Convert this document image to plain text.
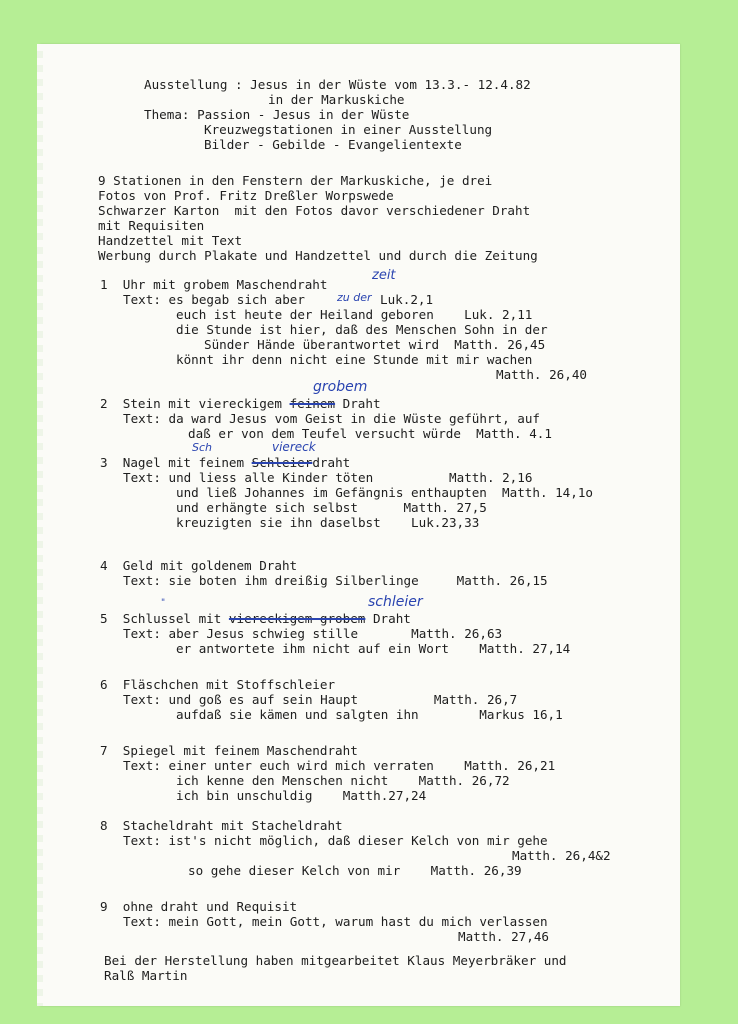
Ausstellung : Jesus in der Wüste vom 13.3.- 12.4.82
in der Markuskiche
Thema: Passion - Jesus in der Wüste
Kreuzwegstationen in einer Ausstellung
Bilder - Gebilde - Evangelientexte
9 Stationen in den Fenstern der Markuskiche, je drei
Fotos von Prof. Fritz Dreßler Worpswede
Schwarzer Karton  mit den Fotos davor verschiedener Draht
mit Requisiten
Handzettel mit Text
Werbung durch Plakate und Handzettel und durch die Zeitung
1  Uhr mit grobem Maschendraht
zeit
Text: es begab sich aber	zu der Luk.2,1
euch ist heute der Heiland geboren    Luk. 2,11
die Stunde ist hier, daß des Menschen Sohn in der
Sünder Hände überantwortet wird  Matth. 26,45
könnt ihr denn nicht eine Stunde mit mir wachen
Matth. 26,40
grobem
2  Stein mit viereckigem feinem Draht
Text: da ward Jesus vom Geist in die Wüste geführt, auf
daß er von dem Teufel versucht würde  Matth. 4.1
Sch	viereck
3  Nagel mit feinem Schleierdraht
Text: und liess alle Kinder töten          Matth. 2,16
und ließ Johannes im Gefängnis enthaupten  Matth. 14,1o
und erhängte sich selbst      Matth. 27,5
kreuzigten sie ihn daselbst    Luk.23,33
4  Geld mit goldenem Draht
Text: sie boten ihm dreißig Silberlinge     Matth. 26,15
"	schleier
5  Schlussel mit viereckigem grobem Draht
Text: aber Jesus schwieg stille       Matth. 26,63
er antwortete ihm nicht auf ein Wort    Matth. 27,14
6  Fläschchen mit Stoffschleier
Text: und goß es auf sein Haupt          Matth. 26,7
aufdaß sie kämen und salgten ihn        Markus 16,1
7  Spiegel mit feinem Maschendraht
Text: einer unter euch wird mich verraten    Matth. 26,21
ich kenne den Menschen nicht    Matth. 26,72
ich bin unschuldig    Matth.27,24
8  Stacheldraht mit Stacheldraht
Text: ist's nicht möglich, daß dieser Kelch von mir gehe
Matth. 26,4&2
so gehe dieser Kelch von mir    Matth. 26,39
9  ohne draht und Requisit
Text: mein Gott, mein Gott, warum hast du mich verlassen
Matth. 27,46
Bei der Herstellung haben mitgearbeitet Klaus Meyerbräker und
Ralß Martin
